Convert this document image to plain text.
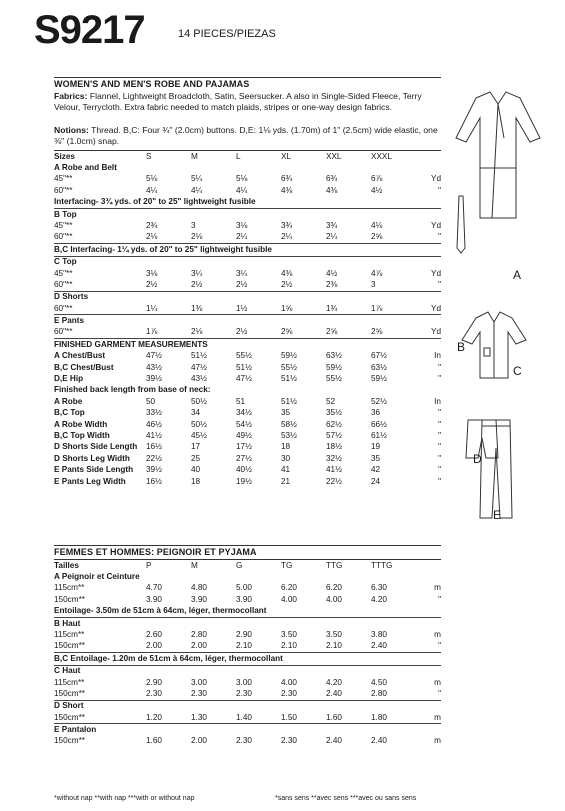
S9217	14 PIECES/PIEZAS
WOMEN'S AND MEN'S ROBE AND PAJAMAS
Fabrics: Flannel, Lightweight Broadcloth, Satin, Seersucker. A also in Single-Sided Fleece, Terry Velour, Terrycloth. Extra fabric needed to match plaids, stripes or one-way design fabrics.
Notions: Thread. B,C: Four ¾" (2.0cm) buttons. D,E: 1⅛ yds. (1.70m) of 1" (2.5cm) wide elastic, one ⅜" (1.0cm) snap.
Sizes	S	M	L	XL	XXL	XXXL	
A Robe and Belt							
45"**	5⅛	5¼	5⅛	6¾	6¾	6⅞	Yd
60"**	4¼	4¼	4¼	4⅜	4⅜	4½	"
Interfacing- 3¾ yds. of 20" to 25" lightweight fusible							
B Top							
45"**	2¾	3	3⅛	3¾	3¾	4⅛	Yd
60"**	2⅛	2⅛	2¼	2¼	2¼	2⅝	"
B,C Interfacing- 1¼ yds. of 20" to 25" lightweight fusible							
C Top							
45"**	3⅛	3¼	3¼	4⅜	4½	4⅞	Yd
60"**	2½	2½	2½	2½	2⅜	3	"
D Shorts							
60"**	1¼	1⅜	1½	1⅝	1¾	1⅞	Yd
E Pants							
60"**	1⅞	2⅛	2½	2⅝	2⅝	2⅝	Yd
FINISHED GARMENT MEASUREMENTS							
A Chest/Bust	47½	51½	55½	59½	63½	67½	In
B,C Chest/Bust	43½	47½	51½	55½	59½	63½	"
D,E Hip	39½	43½	47½	51½	55½	59½	"
Finished back length from base of neck:							
A Robe	50	50½	51	51½	52	52½	In
B,C Top	33½	34	34½	35	35½	36	"
A Robe Width	46½	50½	54½	58½	62½	66½	"
B,C Top Width	41½	45½	49½	53½	57½	61½	"
D Shorts Side Length	16½	17	17½	18	18½	19	"
D Shorts Leg Width	22½	25	27½	30	32½	35	"
E Pants Side Length	39½	40	40½	41	41½	42	"
E Pants Leg Width	16½	18	19½	21	22½	24	"
FEMMES ET HOMMES: PEIGNOIR ET PYJAMA
Tailles	P	M	G	TG	TTG	TTTG	
A Peignoir et Ceinture							
115cm**	4.70	4.80	5.00	6.20	6.20	6.30	m
150cm**	3.90	3.90	3.90	4.00	4.00	4.20	"
Entoilage- 3.50m de 51cm à 64cm, léger, thermocollant							
B Haut							
115cm**	2.60	2.80	2.90	3.50	3.50	3.80	m
150cm**	2.00	2.00	2.10	2.10	2.10	2.40	"
B,C Entoilage- 1.20m de 51cm à 64cm, léger, thermocollant							
C Haut							
115cm**	2.90	3.00	3.00	4.00	4.20	4.50	m
150cm**	2.30	2.30	2.30	2.30	2.40	2.80	"
D Short							
150cm**	1.20	1.30	1.40	1.50	1.60	1.80	m
E Pantalon							
150cm**	1.60	2.00	2.30	2.30	2.40	2.40	m
*without nap **with nap ***with or without nap	*sans sens **avec sens ***avec ou sans sens
A
B
C
D
E
